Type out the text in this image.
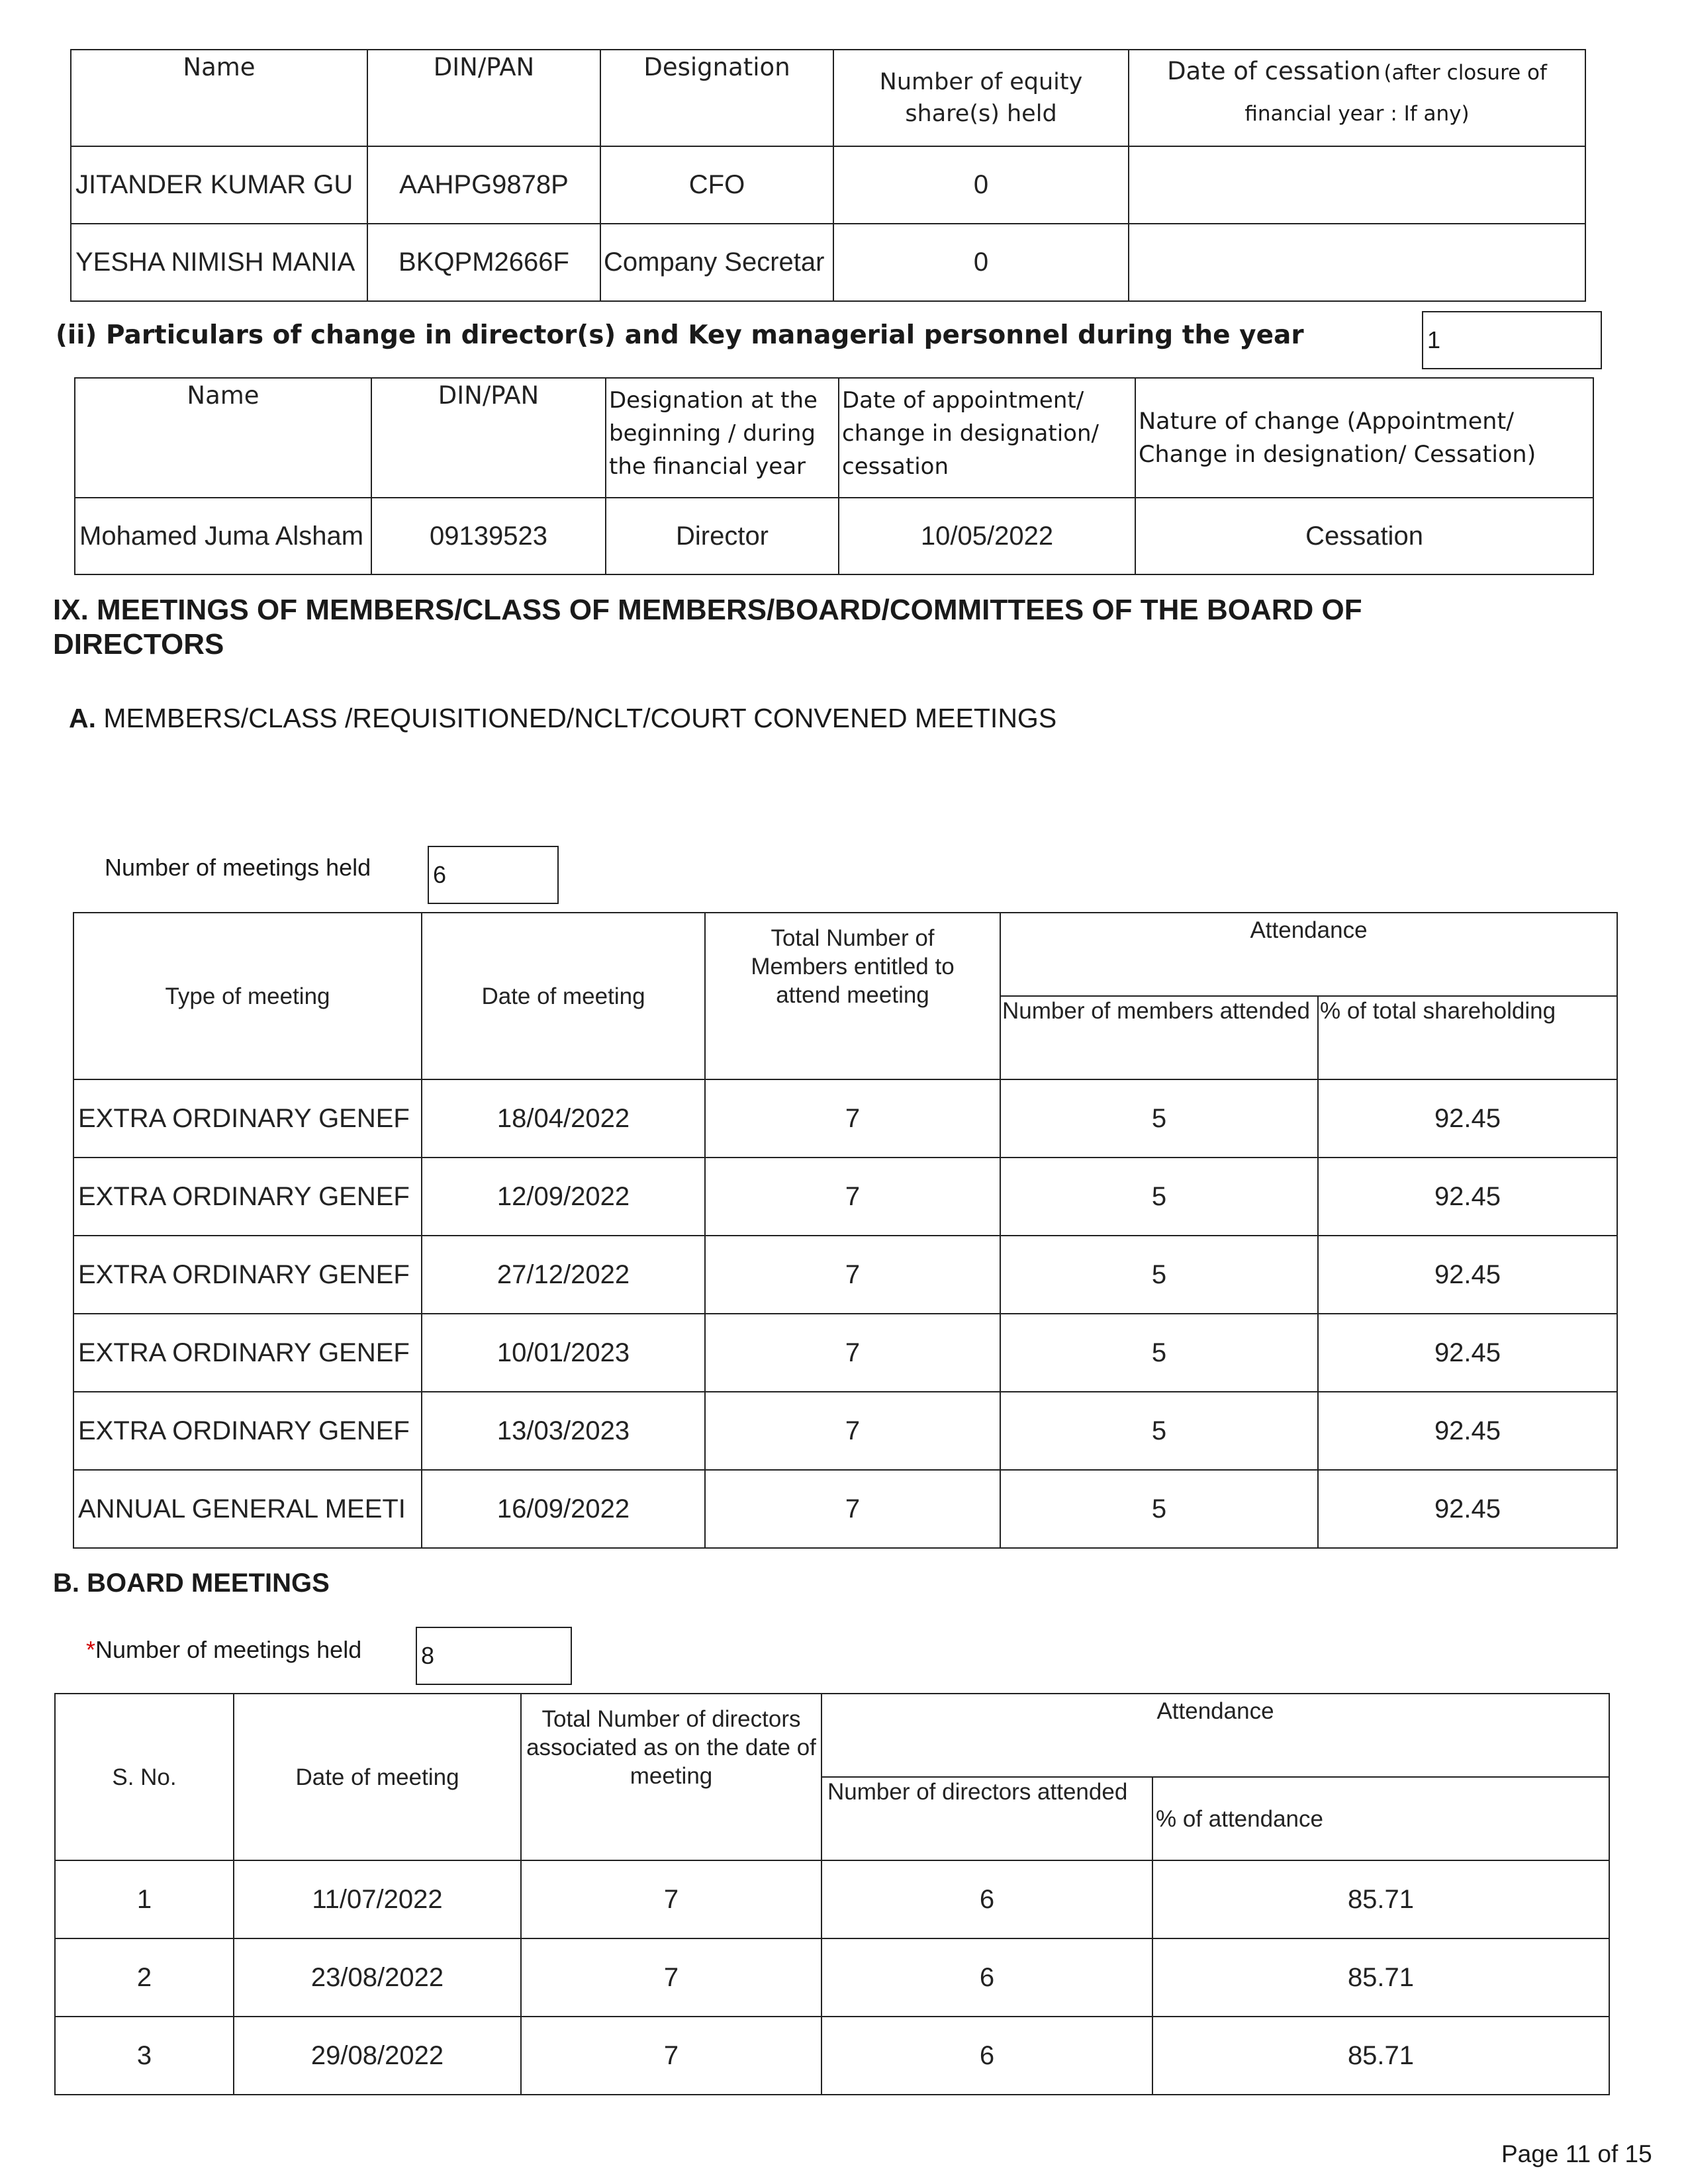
Name	DIN/PAN	Designation	Number of equity share(s) held	Date of cessation (after closure of financial year : If any)
JITANDER KUMAR GU	AAHPG9878P	CFO	0	
YESHA NIMISH MANIA	BKQPM2666F	Company Secretar	0	
(ii) Particulars of change in director(s) and Key managerial personnel during the year	1
Name	DIN/PAN	Designation at the beginning / during the financial year	Date of appointment/ change in designation/ cessation	Nature of change (Appointment/ Change in designation/ Cessation)
Mohamed Juma Alsham	09139523	Director	10/05/2022	Cessation
IX. MEETINGS OF MEMBERS/CLASS OF MEMBERS/BOARD/COMMITTEES OF THE BOARD OF DIRECTORS
A. MEMBERS/CLASS /REQUISITIONED/NCLT/COURT CONVENED MEETINGS
Number of meetings held	6
Type of meeting	Date of meeting	Total Number of Members entitled to attend meeting	Attendance	
			Number of members attended	% of total shareholding
EXTRA ORDINARY GENEF	18/04/2022	7	5	92.45
EXTRA ORDINARY GENEF	12/09/2022	7	5	92.45
EXTRA ORDINARY GENEF	27/12/2022	7	5	92.45
EXTRA ORDINARY GENEF	10/01/2023	7	5	92.45
EXTRA ORDINARY GENEF	13/03/2023	7	5	92.45
ANNUAL GENERAL MEETI	16/09/2022	7	5	92.45
B. BOARD MEETINGS
*Number of meetings held 8
S. No.	Date of meeting	Total Number of directors associated as on the date of meeting	Attendance	
			Number of directors attended	% of attendance
1	11/07/2022	7	6	85.71
2	23/08/2022	7	6	85.71
3	29/08/2022	7	6	85.71
Page 11 of 15
